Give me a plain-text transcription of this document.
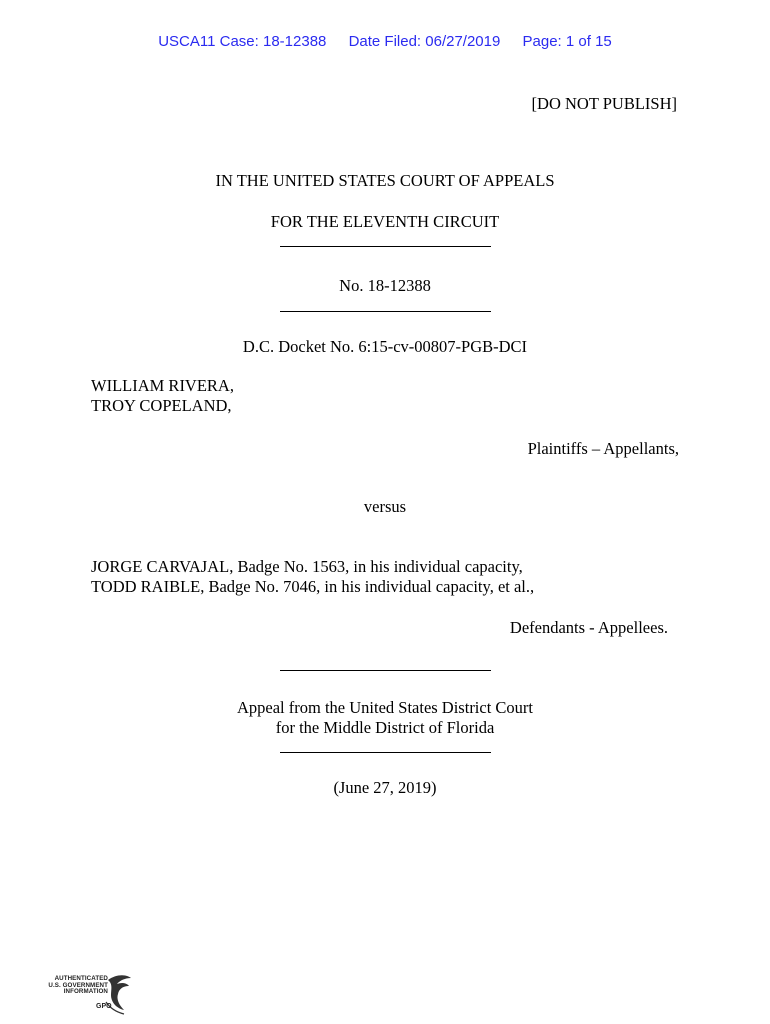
USCA11 Case: 18-12388 Date Filed: 06/27/2019 Page: 1 of 15
[DO NOT PUBLISH]
IN THE UNITED STATES COURT OF APPEALS
FOR THE ELEVENTH CIRCUIT
No. 18-12388
D.C. Docket No. 6:15-cv-00807-PGB-DCI
WILLIAM RIVERA,
TROY COPELAND,
Plaintiffs – Appellants,
versus
JORGE CARVAJAL, Badge No. 1563, in his individual capacity,
TODD RAIBLE, Badge No. 7046, in his individual capacity, et al.,
Defendants - Appellees.
Appeal from the United States District Court
for the Middle District of Florida
(June 27, 2019)
AUTHENTICATED
U.S. GOVERNMENT
INFORMATION
GPO
